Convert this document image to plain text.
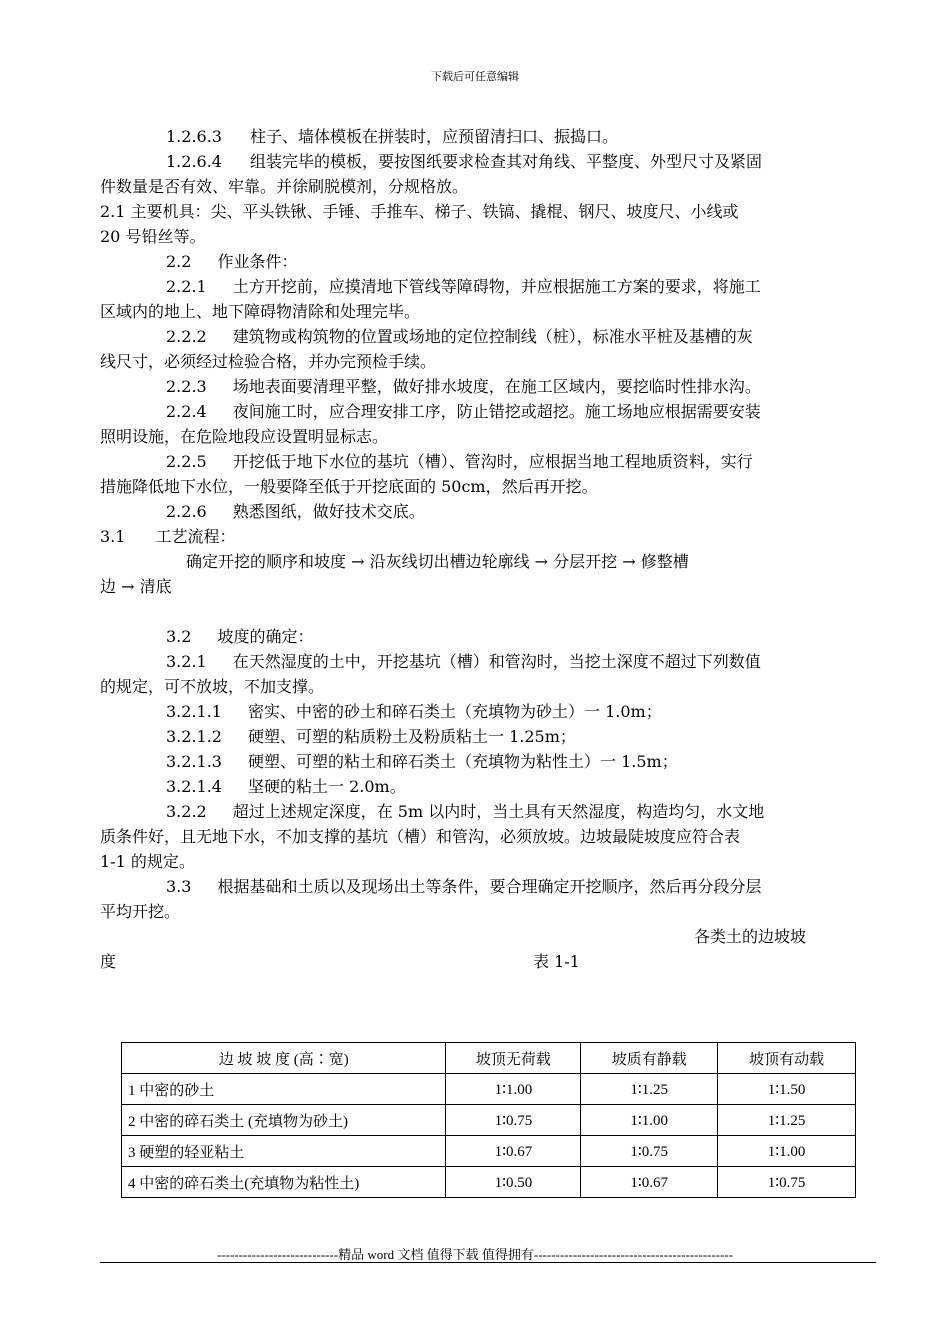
下载后可任意编辑
1.2.6.3 柱子、墙体模板在拼装时，应预留清扫口、振捣口。
1.2.6.4 组装完毕的模板，要按图纸要求检查其对角线、平整度、外型尺寸及紧固
件数量是否有效、牢靠。并徐刷脱模剂，分规格放。
2.1 主要机具：尖、平头铁锹、手锤、手推车、梯子、铁镐、撬棍、钢尺、坡度尺、小线或
20 号铅丝等。
2.2 作业条件：
2.2.1 土方开挖前，应摸清地下管线等障碍物，并应根据施工方案的要求，将施工
区域内的地上、地下障碍物清除和处理完毕。
2.2.2 建筑物或构筑物的位置或场地的定位控制线（桩），标准水平桩及基槽的灰
线尺寸，必须经过检验合格，并办完预检手续。
2.2.3 场地表面要清理平整，做好排水坡度，在施工区域内，要挖临时性排水沟。
2.2.4 夜间施工时，应合理安排工序，防止错挖或超挖。施工场地应根据需要安装
照明设施，在危险地段应设置明显标志。
2.2.5 开挖低于地下水位的基坑（槽）、管沟时，应根据当地工程地质资料，实行
措施降低地下水位，一般要降至低于开挖底面的 50cm，然后再开挖。
2.2.6 熟悉图纸，做好技术交底。
3.1 工艺流程：
确定开挖的顺序和坡度 → 沿灰线切出槽边轮廓线 → 分层开挖 → 修整槽
边 → 清底
3.2 坡度的确定：
3.2.1 在天然湿度的土中，开挖基坑（槽）和管沟时，当挖土深度不超过下列数值
的规定，可不放坡，不加支撑。
3.2.1.1 密实、中密的砂土和碎石类土（充填物为砂土）一 1.0m；
3.2.1.2 硬塑、可塑的粘质粉土及粉质粘土一 1.25m；
3.2.1.3 硬塑、可塑的粘土和碎石类土（充填物为粘性土）一 1.5m；
3.2.1.4 坚硬的粘土一 2.0m。
3.2.2 超过上述规定深度，在 5m 以内时，当土具有天然湿度，构造均匀，水文地
质条件好，且无地下水，不加支撑的基坑（槽）和管沟，必须放坡。边坡最陡坡度应符合表
1-1 的规定。
3.3 根据基础和土质以及现场出土等条件，要合理确定开挖顺序，然后再分段分层
平均开挖。
各类土的边坡坡
度	表 1-1
边 坡 坡 度 (高∶宽)	坡顶无荷载	坡质有静载	坡顶有动载
1 中密的砂土	1∶1.00	1∶1.25	1∶1.50
2 中密的碎石类土 (充填物为砂土)	1∶0.75	1∶1.00	1∶1.25
3 硬塑的轻亚粘土	1∶0.67	1∶0.75	1∶1.00
4 中密的碎石类土(充填物为粘性土)	1∶0.50	1∶0.67	1∶0.75
----------------------------精品 word 文档 值得下载 值得拥有----------------------------------------------
